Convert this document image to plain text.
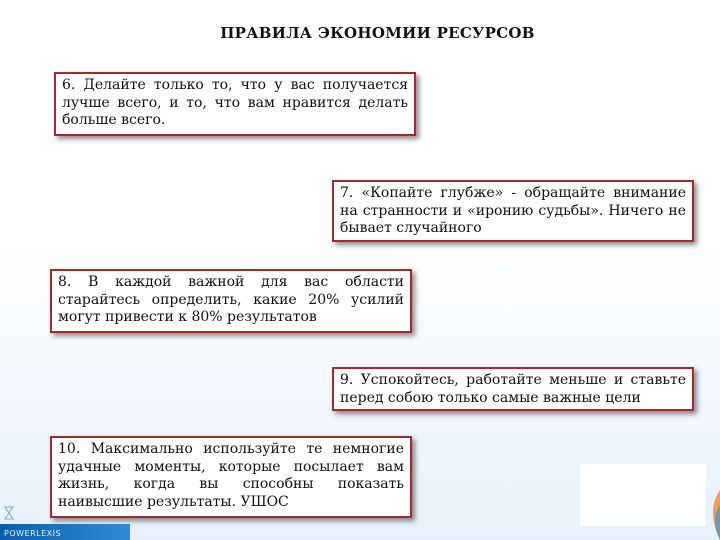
ПРАВИЛА ЭКОНОМИИ РЕСУРСОВ

6. Делайте только то, что у вас получается лучше всего, и то, что вам нравится делать больше всего.

7. «Копайте глубже» - обращайте внимание на странности и «иронию судьбы». Ничего не бывает случайного

8. В каждой важной для вас области старайтесь определить, какие 20% усилий могут привести к 80% результатов

9. Успокойтесь, работайте меньше и ставьте перед собою только самые важные цели

10. Максимально используйте те немногие удачные моменты, которые посылает вам жизнь, когда вы способны показать наивысшие результаты. УШОС

POWERLEXIS
